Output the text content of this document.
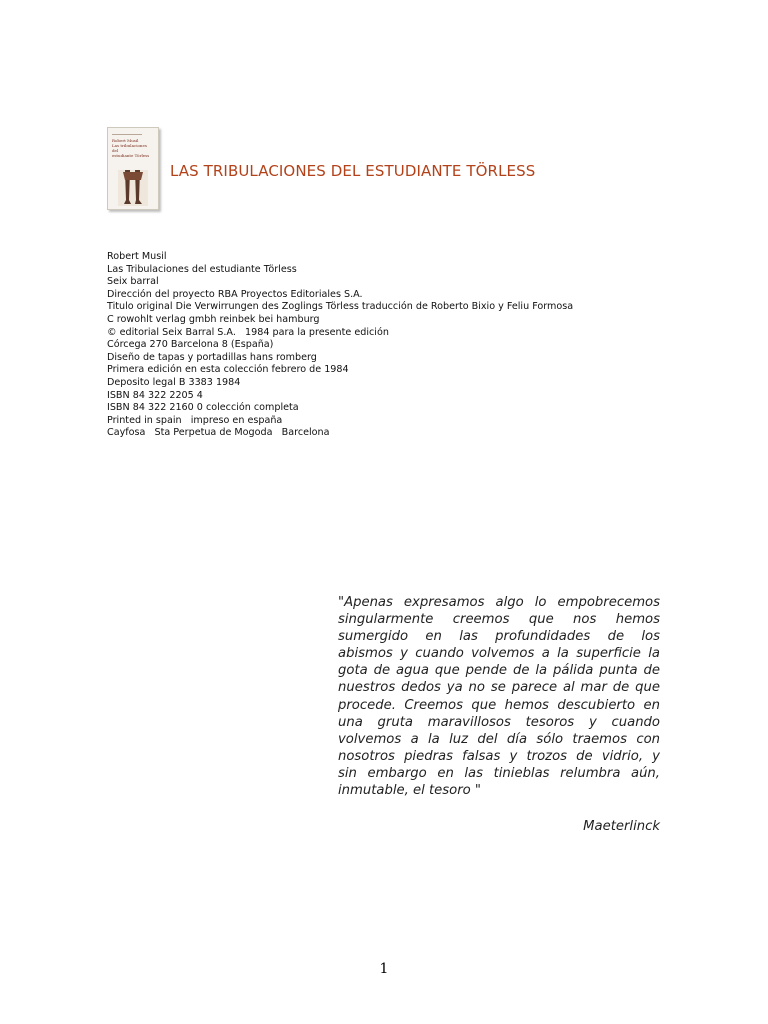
Robert Musil
Las tribulaciones del
estudiante Törless
LAS TRIBULACIONES DEL ESTUDIANTE TÖRLESS
Robert Musil
Las Tribulaciones del estudiante Törless
Seix barral
Dirección del proyecto RBA Proyectos Editoriales S.A.
Titulo original Die Verwirrungen des Zoglings Törless traducción de Roberto Bixio y Feliu Formosa
C rowohlt verlag gmbh reinbek bei hamburg
© editorial Seix Barral S.A.   1984 para la presente edición
Córcega 270 Barcelona 8 (España)
Diseño de tapas y portadillas hans romberg
Primera edición en esta colección febrero de 1984
Deposito legal B 3383 1984
ISBN 84 322 2205 4
ISBN 84 322 2160 0 colección completa
Printed in spain   impreso en españa
Cayfosa   Sta Perpetua de Mogoda   Barcelona
"Apenas expresamos algo lo empobrecemos
singularmente creemos que nos hemos
sumergido en las profundidades de los
abismos y cuando volvemos a la superficie la
gota de agua que pende de la pálida punta de
nuestros dedos ya no se parece al mar de que
procede. Creemos que hemos descubierto en
una gruta maravillosos tesoros y cuando
volvemos a la luz del día sólo traemos con
nosotros piedras falsas y trozos de vidrio, y
sin embargo en las tinieblas relumbra aún,
inmutable, el tesoro "
Maeterlinck
1
